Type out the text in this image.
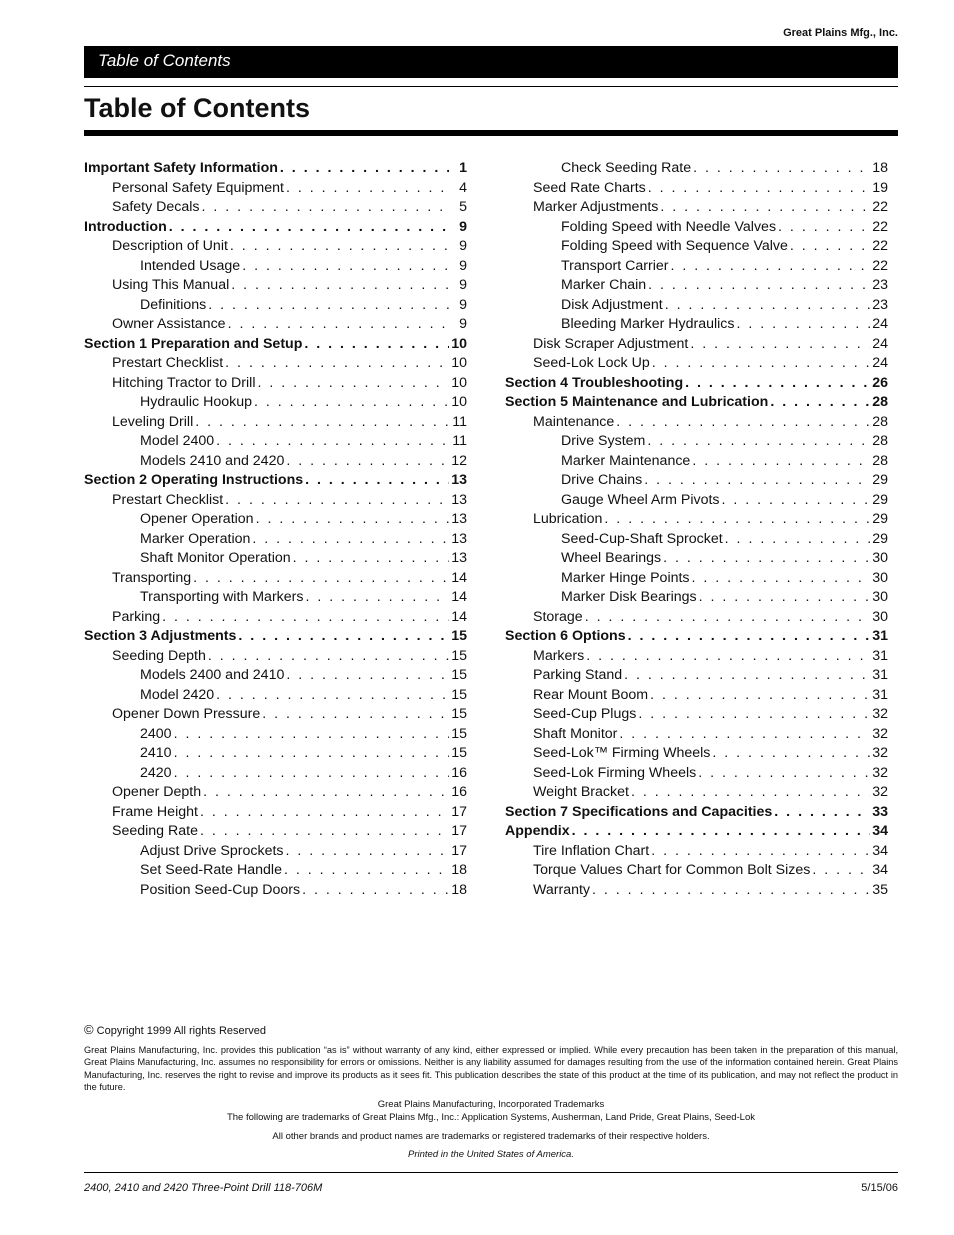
Great Plains Mfg., Inc.
Table of Contents
Table of Contents
Important Safety Information . . .	1
Personal Safety Equipment . . .	4
Safety Decals . . .	5
Introduction . . .	9
Description of Unit . . .	9
Intended Usage . . .	9
Using This Manual . . .	9
Definitions . . .	9
Owner Assistance . . .	9
Section 1 Preparation and Setup . . .	10
Prestart Checklist . . .	10
Hitching Tractor to Drill . . .	10
Hydraulic Hookup . . .	10
Leveling Drill . . .	11
Model 2400 . . .	11
Models 2410 and 2420 . . .	12
Section 2 Operating Instructions . . .	13
Prestart Checklist . . .	13
Opener Operation . . .	13
Marker Operation . . .	13
Shaft Monitor Operation . . .	13
Transporting . . .	14
Transporting with Markers . . .	14
Parking . . .	14
Section 3 Adjustments . . .	15
Seeding Depth . . .	15
Models 2400 and 2410 . . .	15
Model 2420 . . .	15
Opener Down Pressure . . .	15
2400 . . .	15
2410 . . .	15
2420 . . .	16
Opener Depth . . .	16
Frame Height . . .	17
Seeding Rate . . .	17
Adjust Drive Sprockets . . .	17
Set Seed-Rate Handle . . .	18
Position Seed-Cup Doors . . .	18
Check Seeding Rate . . .	18
Seed Rate Charts . . .	19
Marker Adjustments . . .	22
Folding Speed with Needle Valves . . .	22
Folding Speed with Sequence Valve . . .	22
Transport Carrier . . .	22
Marker Chain . . .	23
Disk Adjustment . . .	23
Bleeding Marker Hydraulics . . .	24
Disk Scraper Adjustment . . .	24
Seed-Lok Lock Up . . .	24
Section 4 Troubleshooting . . .	26
Section 5 Maintenance and Lubrication . . .	28
Maintenance . . .	28
Drive System . . .	28
Marker Maintenance . . .	28
Drive Chains . . .	29
Gauge Wheel Arm Pivots . . .	29
Lubrication . . .	29
Seed-Cup-Shaft Sprocket . . .	29
Wheel Bearings . . .	30
Marker Hinge Points . . .	30
Marker Disk Bearings . . .	30
Storage . . .	30
Section 6 Options . . .	31
Markers . . .	31
Parking Stand . . .	31
Rear Mount Boom . . .	31
Seed-Cup Plugs . . .	32
Shaft Monitor . . .	32
Seed-Lok™ Firming Wheels . . .	32
Seed-Lok Firming Wheels . . .	32
Weight Bracket . . .	32
Section 7 Specifications and Capacities . . .	33
Appendix . . .	34
Tire Inflation Chart . . .	34
Torque Values Chart for Common Bolt Sizes . . .	34
Warranty . . .	35
© Copyright 1999 All rights Reserved

Great Plains Manufacturing, Inc. provides this publication “as is” without warranty of any kind, either expressed or implied. While every precaution has been taken in the preparation of this manual, Great Plains Manufacturing, Inc. assumes no responsibility for errors or omissions. Neither is any liability assumed for damages resulting from the use of the information contained herein. Great Plains Manufacturing, Inc. reserves the right to revise and improve its products as it sees fit. This publication describes the state of this product at the time of its publication, and may not reflect the product in the future.

Great Plains Manufacturing, Incorporated Trademarks
The following are trademarks of Great Plains Mfg., Inc.: Application Systems, Ausherman, Land Pride, Great Plains, Seed-Lok
All other brands and product names are trademarks or registered trademarks of their respective holders.
Printed in the United States of America.
2400, 2410 and 2420 Three-Point Drill 118-706M	5/15/06
